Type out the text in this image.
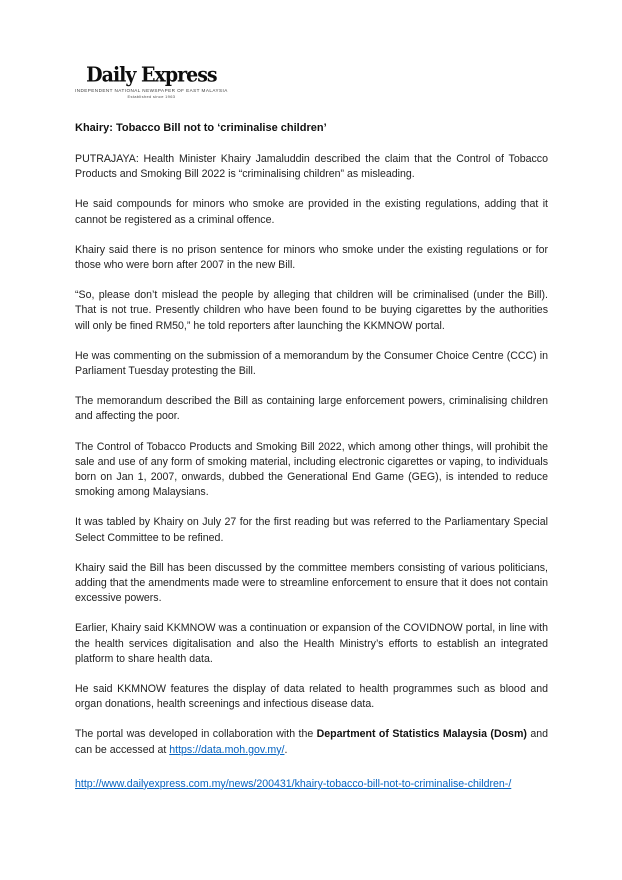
Daily Express
INDEPENDENT NATIONAL NEWSPAPER OF EAST MALAYSIA
Established since 1963
Khairy: Tobacco Bill not to ‘criminalise children’

PUTRAJAYA: Health Minister Khairy Jamaluddin described the claim that the Control of Tobacco Products and Smoking Bill 2022 is “criminalising children” as misleading.

He said compounds for minors who smoke are provided in the existing regulations, adding that it cannot be registered as a criminal offence.

Khairy said there is no prison sentence for minors who smoke under the existing regulations or for those who were born after 2007 in the new Bill.

“So, please don’t mislead the people by alleging that children will be criminalised (under the Bill). That is not true. Presently children who have been found to be buying cigarettes by the authorities will only be fined RM50,” he told reporters after launching the KKMNOW portal.

He was commenting on the submission of a memorandum by the Consumer Choice Centre (CCC) in Parliament Tuesday protesting the Bill.

The memorandum described the Bill as containing large enforcement powers, criminalising children and affecting the poor.

The Control of Tobacco Products and Smoking Bill 2022, which among other things, will prohibit the sale and use of any form of smoking material, including electronic cigarettes or vaping, to individuals born on Jan 1, 2007, onwards, dubbed the Generational End Game (GEG), is intended to reduce smoking among Malaysians.

It was tabled by Khairy on July 27 for the first reading but was referred to the Parliamentary Special Select Committee to be refined.

Khairy said the Bill has been discussed by the committee members consisting of various politicians, adding that the amendments made were to streamline enforcement to ensure that it does not contain excessive powers.

Earlier, Khairy said KKMNOW was a continuation or expansion of the COVIDNOW portal, in line with the health services digitalisation and also the Health Ministry’s efforts to establish an integrated platform to share health data.

He said KKMNOW features the display of data related to health programmes such as blood and organ donations, health screenings and infectious disease data.

The portal was developed in collaboration with the Department of Statistics Malaysia (Dosm) and can be accessed at https://data.moh.gov.my/.

http://www.dailyexpress.com.my/news/200431/khairy-tobacco-bill-not-to-criminalise-children-/
